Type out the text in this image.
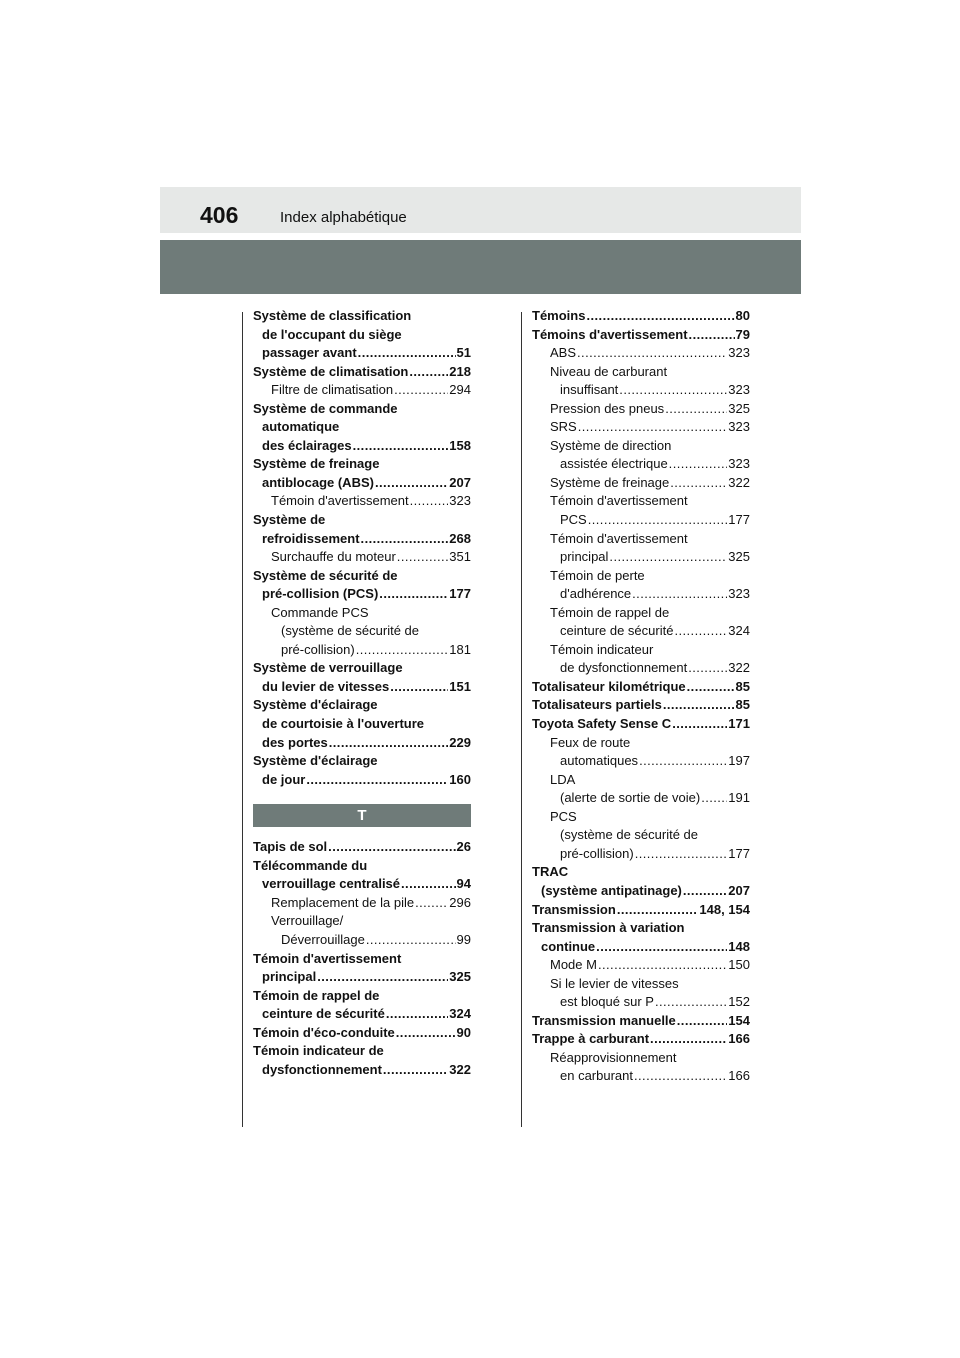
406	Index alphabétique
Système de classification
de l'occupant du siège
passager avant . . .	51
Système de climatisation . . .	218
Filtre de climatisation . . .	294
Système de commande
automatique
des éclairages . . .	158
Système de freinage
antiblocage (ABS) . . .	207
Témoin d'avertissement . . .	323
Système de
refroidissement . . .	268
Surchauffe du moteur . . .	351
Système de sécurité de
pré-collision (PCS) . . .	177
Commande PCS
(système de sécurité de
pré-collision) . . .	181
Système de verrouillage
du levier de vitesses . . .	151
Système d'éclairage
de courtoisie à l'ouverture
des portes . . .	229
Système d'éclairage
de jour . . .	160
T
Tapis de sol . . .	26
Télécommande du
verrouillage centralisé . . .	94
Remplacement de la pile . . .	296
Verrouillage/
Déverrouillage . . .	99
Témoin d'avertissement
principal . . .	325
Témoin de rappel de
ceinture de sécurité . . .	324
Témoin d'éco-conduite . . .	90
Témoin indicateur de
dysfonctionnement . . .	322
Témoins . . .	80
Témoins d'avertissement . . .	79
ABS . . .	323
Niveau de carburant
insuffisant . . .	323
Pression des pneus . . .	325
SRS . . .	323
Système de direction
assistée électrique . . .	323
Système de freinage . . .	322
Témoin d'avertissement
PCS . . .	177
Témoin d'avertissement
principal . . .	325
Témoin de perte
d'adhérence . . .	323
Témoin de rappel de
ceinture de sécurité . . .	324
Témoin indicateur
de dysfonctionnement . . .	322
Totalisateur kilométrique . . .	85
Totalisateurs partiels . . .	85
Toyota Safety Sense C . . .	171
Feux de route
automatiques . . .	197
LDA
(alerte de sortie de voie) . . . 191
PCS
(système de sécurité de
pré-collision) . . .	177
TRAC
(système antipatinage) . . .	207
Transmission . . .	148, 154
Transmission à variation
continue . . .	148
Mode M . . .	150
Si le levier de vitesses
est bloqué sur P . . .	152
Transmission manuelle . . .	154
Trappe à carburant . . .	166
Réapprovisionnement
en carburant . . .	166
